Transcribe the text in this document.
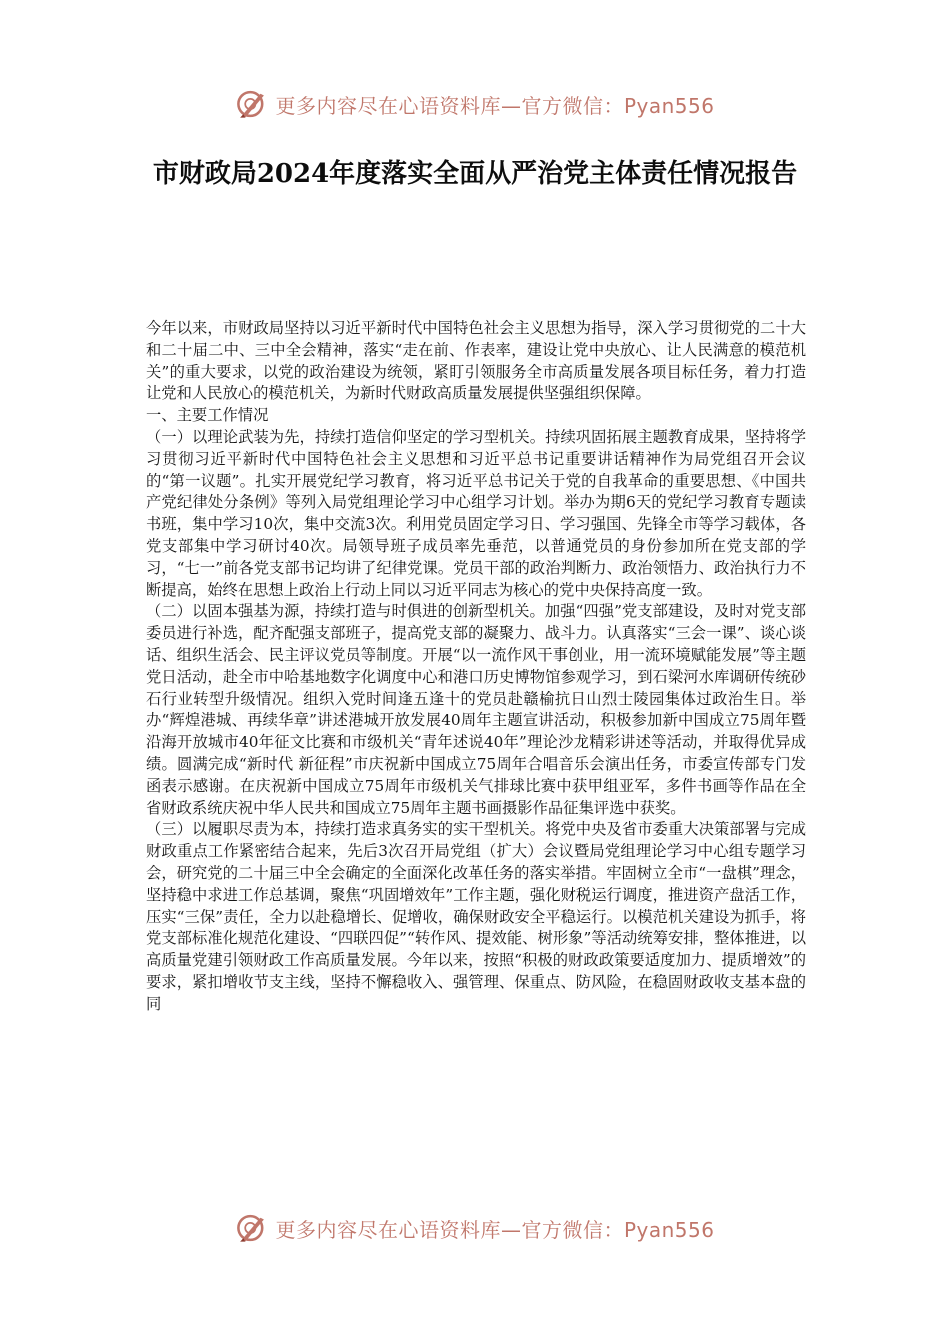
更多内容尽在心语资料库—官方微信：Pyan556
市财政局2024年度落实全面从严治党主体责任情况报告

今年以来，市财政局坚持以习近平新时代中国特色社会主义思想为指导，深入学习贯彻党的二十大和二十届二中、三中全会精神，落实“走在前、作表率，建设让党中央放心、让人民满意的模范机关”的重大要求，以党的政治建设为统领，紧盯引领服务全市高质量发展各项目标任务，着力打造让党和人民放心的模范机关，为新时代财政高质量发展提供坚强组织保障。

一、主要工作情况

（一）以理论武装为先，持续打造信仰坚定的学习型机关。持续巩固拓展主题教育成果，坚持将学习贯彻习近平新时代中国特色社会主义思想和习近平总书记重要讲话精神作为局党组召开会议的“第一议题”。扎实开展党纪学习教育，将习近平总书记关于党的自我革命的重要思想、《中国共产党纪律处分条例》等列入局党组理论学习中心组学习计划。举办为期6天的党纪学习教育专题读书班，集中学习10次，集中交流3次。利用党员固定学习日、学习强国、先锋全市等学习载体，各党支部集中学习研讨40次。局领导班子成员率先垂范，以普通党员的身份参加所在党支部的学习，“七一”前各党支部书记均讲了纪律党课。党员干部的政治判断力、政治领悟力、政治执行力不断提高，始终在思想上政治上行动上同以习近平同志为核心的党中央保持高度一致。

（二）以固本强基为源，持续打造与时俱进的创新型机关。加强“四强”党支部建设，及时对党支部委员进行补选，配齐配强支部班子，提高党支部的凝聚力、战斗力。认真落实“三会一课”、谈心谈话、组织生活会、民主评议党员等制度。开展“以一流作风干事创业，用一流环境赋能发展”等主题党日活动，赴全市中哈基地数字化调度中心和港口历史博物馆参观学习，到石梁河水库调研传统砂石行业转型升级情况。组织入党时间逢五逢十的党员赴赣榆抗日山烈士陵园集体过政治生日。举办“辉煌港城、再续华章”讲述港城开放发展40周年主题宣讲活动，积极参加新中国成立75周年暨沿海开放城市40年征文比赛和市级机关“青年述说40年”理论沙龙精彩讲述等活动，并取得优异成绩。圆满完成“新时代 新征程”市庆祝新中国成立75周年合唱音乐会演出任务，市委宣传部专门发函表示感谢。在庆祝新中国成立75周年市级机关气排球比赛中获甲组亚军，多件书画等作品在全省财政系统庆祝中华人民共和国成立75周年主题书画摄影作品征集评选中获奖。

（三）以履职尽责为本，持续打造求真务实的实干型机关。将党中央及省市委重大决策部署与完成财政重点工作紧密结合起来，先后3次召开局党组（扩大）会议暨局党组理论学习中心组专题学习会，研究党的二十届三中全会确定的全面深化改革任务的落实举措。牢固树立全市“一盘棋”理念，坚持稳中求进工作总基调，聚焦“巩固增效年”工作主题，强化财税运行调度，推进资产盘活工作，压实“三保”责任，全力以赴稳增长、促增收，确保财政安全平稳运行。以模范机关建设为抓手，将党支部标准化规范化建设、“四联四促”“转作风、提效能、树形象”等活动统筹安排，整体推进，以高质量党建引领财政工作高质量发展。今年以来，按照“积极的财政政策要适度加力、提质增效”的要求，紧扣增收节支主线，坚持不懈稳收入、强管理、保重点、防风险，在稳固财政收支基本盘的同

更多内容尽在心语资料库—官方微信：Pyan556
